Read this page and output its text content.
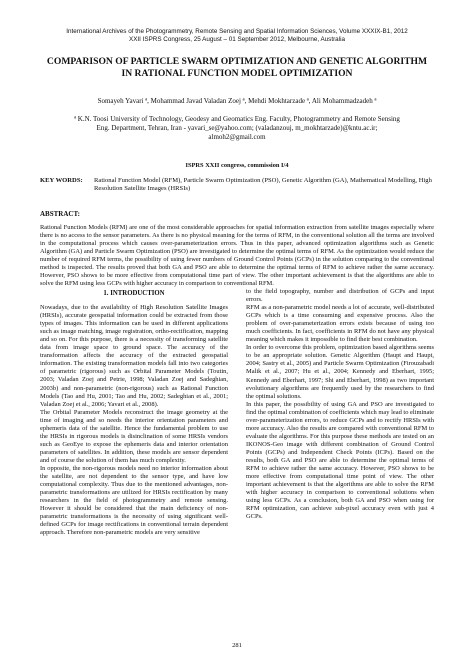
International Archives of the Photogrammetry, Remote Sensing and Spatial Information Sciences, Volume XXXIX-B1, 2012
XXII ISPRS Congress, 25 August – 01 September 2012, Melbourne, Australia
COMPARISON OF PARTICLE SWARM OPTIMIZATION AND GENETIC ALGORITHM
IN RATIONAL FUNCTION MODEL OPTIMIZATION
Somayeh Yavari ª, Mohammad Javad Valadan Zoej ª, Mehdi Mokhtarzade ª, Ali Mohammadzadeh ª
ª K.N. Toosi University of Technology, Geodesy and Geomatics Eng. Faculty, Photogrammetry and Remote Sensing
Eng. Department, Tehran, Iran - yavari_se@yahoo.com; (valadanzouj, m_mokhtarzade)@kntu.ac.ir;
almoh2@gmail.com
ISPRS XXII congress, commission I/4
KEY WORDS:	Rational Function Model (RFM), Particle Swarm Optimization (PSO), Genetic Algorithm (GA), Mathematical Modelling, High Resolution Satellite Images (HRSIs)
ABSTRACT:
Rational Function Models (RFM) are one of the most considerable approaches for spatial information extraction from satellite images especially where there is no access to the sensor parameters. As there is no physical meaning for the terms of RFM, in the conventional solution all the terms are involved in the computational process which causes over-parameterization errors. Thus in this paper, advanced optimization algorithms such as Genetic Algorithm (GA) and Particle Swarm Optimization (PSO) are investigated to determine the optimal terms of RFM. As the optimization would reduce the number of required RFM terms, the possibility of using fewer numbers of Ground Control Points (GCPs) in the solution comparing to the conventional method is inspected. The results proved that both GA and PSO are able to determine the optimal terms of RFM to achieve rather the same accuracy. However, PSO shows to be more effective from computational time part of view. The other important achievement is that the algorithms are able to solve the RFM using less GCPs with higher accuracy in comparison to conventional RFM.
1. INTRODUCTION

Nowadays, due to the availability of High Resolution Satellite Images (HRSIs), accurate geospatial information could be extracted from those types of images. This information can be used in different applications such as image matching, image registration, ortho-rectification, mapping and so on. For this purpose, there is a necessity of transforming satellite data from image space to ground space. The accuracy of the transformation affects the accuracy of the extracted geospatial information. The existing transformation models fall into two categories of parametric (rigorous) such as Orbital Parameter Models (Toutin, 2003; Valadan Zoej and Petrie, 1998; Valadan Zoej and Sadeghian, 2003b) and non-parametric (non-rigorous) such as Rational Function Models (Tao and Hu, 2001; Tao and Hu, 2002; Sadeghian et al., 2001; Valadan Zoej et al., 2006; Yavari et al., 2008).

The Orbital Parameter Models reconstruct the image geometry at the time of imaging and so needs the interior orientation parameters and ephemeris data of the satellite. Hence the fundamental problem to use the HRSIs in rigorous models is disinclination of some HRSIs vendors such as GeoEye to expose the ephemeris data and interior orientation parameters of satellites. In addition, these models are sensor dependent and of course the solution of them has much complexity.

In opposite, the non-rigorous models need no interior information about the satellite, are not dependent to the sensor type, and have low computational complexity. Thus due to the mentioned advantages, non-parametric transformations are utilized for HRSIs rectification by many researchers in the field of photogrammetry and remote sensing. However it should be considered that the main deficiency of non-parametric transformations is the necessity of using significant well-defined GCPs for image rectifications in conventional terrain dependent approach. Therefore non-parametric models are very sensitive

to the field topography, number and distribution of GCPs and input errors.

RFM as a non-parametric model needs a lot of accurate, well-distributed GCPs which is a time consuming and expensive process. Also the problem of over-parameterization errors exists because of using too much coefficients. In fact, coefficients in RFM do not have any physical meaning which makes it impossible to find their best combination.

In order to overcome this problem, optimization based algorithms seems to be an appropriate solution. Genetic Algorithm (Haupt and Haupt, 2004; Sastry et al., 2005) and Particle Swarm Optimization (Firouzabadi Malik et al., 2007; Hu et al., 2004; Kennedy and Eberhart, 1995; Kennedy and Eberhart, 1997; Shi and Eberhart, 1998) as two important evolutionary algorithms are frequently used by the researchers to find the optimal solutions.

In this paper, the possibility of using GA and PSO are investigated to find the optimal combination of coefficients which may lead to eliminate over-parameterization errors, to reduce GCPs and to rectify HRSIs with more accuracy. Also the results are compared with conventional RFM to evaluate the algorithms. For this purpose these methods are tested on an IKONOS-Geo image with different combination of Ground Control Points (GCPs) and Independent Check Points (ICPs). Based on the results, both GA and PSO are able to determine the optimal terms of RFM to achieve rather the same accuracy. However, PSO shows to be more effective from computational time point of view. The other important achievement is that the algorithms are able to solve the RFM with higher accuracy in comparison to conventional solutions when using less GCPs. As a conclusion, both GA and PSO when using for RFM optimization, can achieve sub-pixel accuracy even with just 4 GCPs.

281
